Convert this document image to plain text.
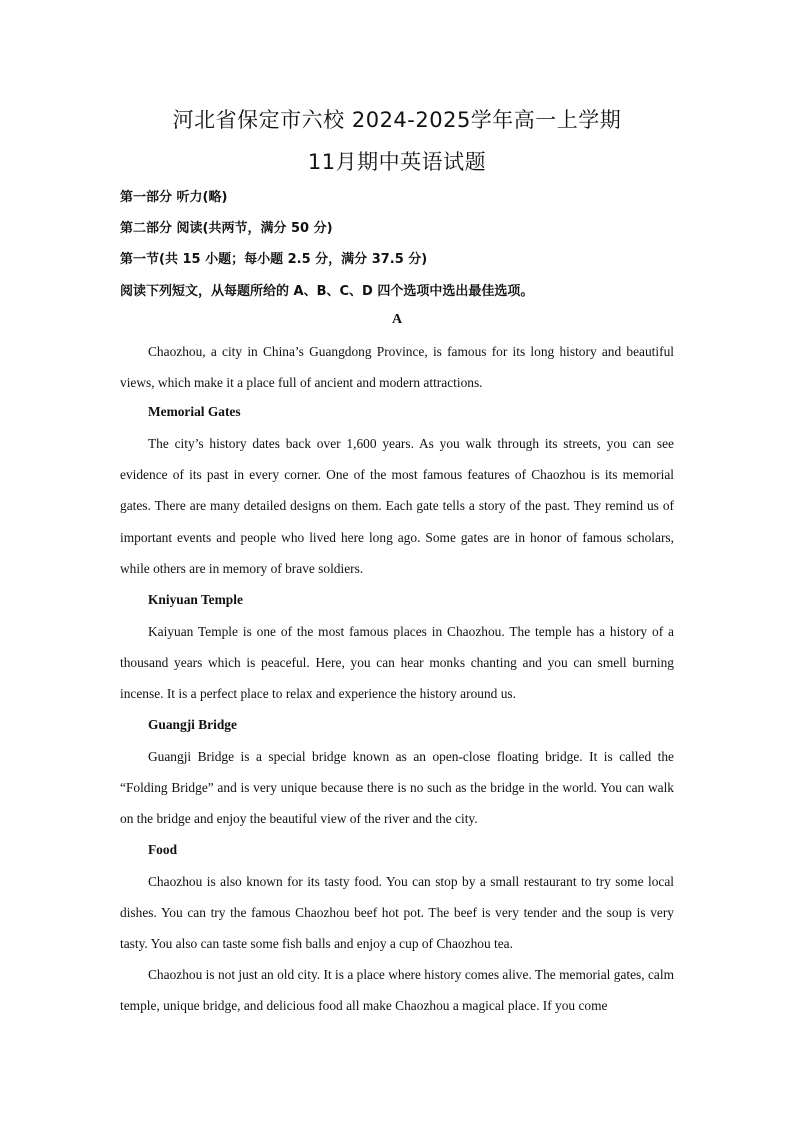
河北省保定市六校 2024-2025学年高一上学期
11月期中英语试题
第一部分 听力(略)
第二部分 阅读(共两节，满分 50 分)
第一节(共 15 小题；每小题 2.5 分，满分 37.5 分)
阅读下列短文，从每题所给的 A、B、C、D 四个选项中选出最佳选项。
A

Chaozhou, a city in China’s Guangdong Province, is famous for its long history and beautiful views, which make it a place full of ancient and modern attractions.

Memorial Gates

The city’s history dates back over 1,600 years. As you walk through its streets, you can see evidence of its past in every corner. One of the most famous features of Chaozhou is its memorial gates. There are many detailed designs on them. Each gate tells a story of the past. They remind us of important events and people who lived here long ago. Some gates are in honor of famous scholars, while others are in memory of brave soldiers.

Kniyuan Temple

Kaiyuan Temple is one of the most famous places in Chaozhou. The temple has a history of a thousand years which is peaceful. Here, you can hear monks chanting and you can smell burning incense. It is a perfect place to relax and experience the history around us.

Guangji Bridge

Guangji Bridge is a special bridge known as an open-close floating bridge. It is called the “Folding Bridge” and is very unique because there is no such as the bridge in the world. You can walk on the bridge and enjoy the beautiful view of the river and the city.

Food

Chaozhou is also known for its tasty food. You can stop by a small restaurant to try some local dishes. You can try the famous Chaozhou beef hot pot. The beef is very tender and the soup is very tasty. You also can taste some fish balls and enjoy a cup of Chaozhou tea.

Chaozhou is not just an old city. It is a place where history comes alive. The memorial gates, calm temple, unique bridge, and delicious food all make Chaozhou a magical place. If you come
